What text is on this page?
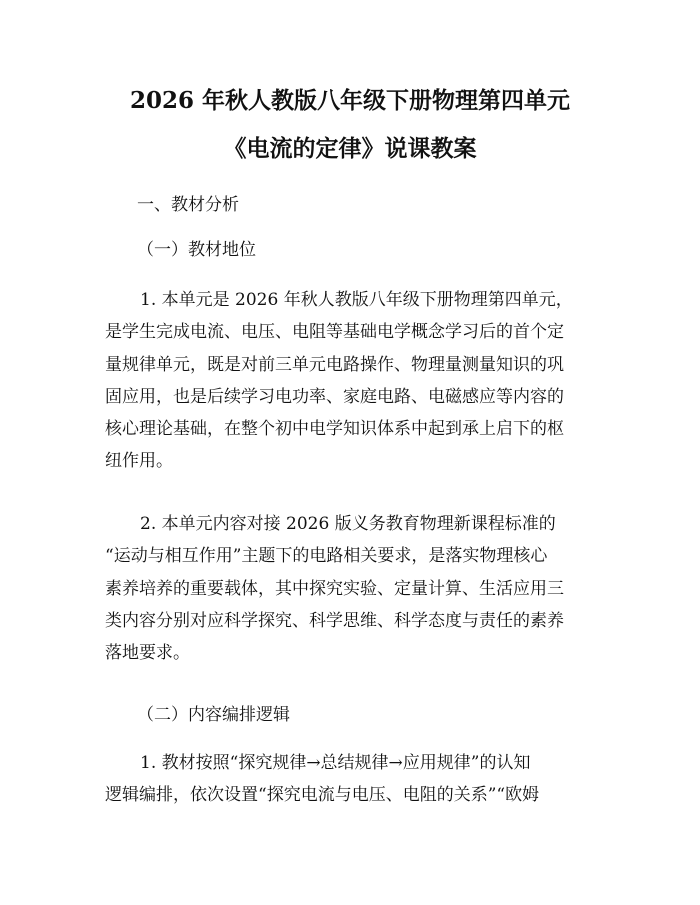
2026 年秋人教版八年级下册物理第四单元
《电流的定律》说课教案
一、教材分析
（一）教材地位
1. 本单元是 2026 年秋人教版八年级下册物理第四单元，
是学生完成电流、电压、电阻等基础电学概念学习后的首个定
量规律单元，既是对前三单元电路操作、物理量测量知识的巩
固应用，也是后续学习电功率、家庭电路、电磁感应等内容的
核心理论基础，在整个初中电学知识体系中起到承上启下的枢
纽作用。
2. 本单元内容对接 2026 版义务教育物理新课程标准的
“运动与相互作用”主题下的电路相关要求，是落实物理核心
素养培养的重要载体，其中探究实验、定量计算、生活应用三
类内容分别对应科学探究、科学思维、科学态度与责任的素养
落地要求。
（二）内容编排逻辑
1. 教材按照“探究规律→总结规律→应用规律”的认知
逻辑编排，依次设置“探究电流与电压、电阻的关系”“欧姆
